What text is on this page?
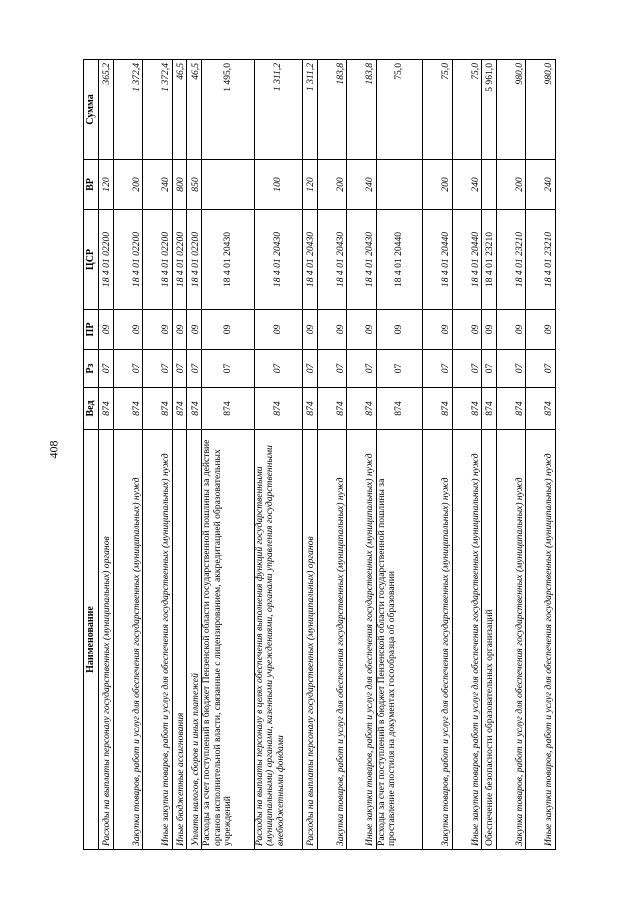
408
Наименование	Вед	Рз	ПР	ЦСР	ВР	Сумма
Расходы на выплаты персоналу государственных (муниципальных) органов	874	07	09	18 4 01 02200	120	365,2
Закупка товаров, работ и услуг для обеспечения государственных (муниципальных) нужд	874	07	09	18 4 01 02200	200	1 372,4
Иные закупки товаров, работ и услуг для обеспечения государственных (муниципальных) нужд	874	07	09	18 4 01 02200	240	1 372,4
Иные бюджетные ассигнования	874	07	09	18 4 01 02200	800	46,5
Уплата налогов, сборов и иных платежей	874	07	09	18 4 01 02200	850	46,5
Расходы за счет поступлений в бюджет Пензенской области государственной пошлины за действие органов исполнительной власти, связанные с лицензированием, аккредитацией образовательных учреждений	874	07	09	18 4 01 20430		1 495,0
Расходы на выплаты персоналу в целях обеспечения выполнения функций государственными (муниципальными) органами, казенными учреждениями, органами управления государственными внебюджетными фондами	874	07	09	18 4 01 20430	100	1 311,2
Расходы на выплаты персоналу государственных (муниципальных) органов	874	07	09	18 4 01 20430	120	1 311,2
Закупка товаров, работ и услуг для обеспечения государственных (муниципальных) нужд	874	07	09	18 4 01 20430	200	183,8
Иные закупки товаров, работ и услуг для обеспечения государственных (муниципальных) нужд	874	07	09	18 4 01 20430	240	183,8
Расходы за счет поступлений в бюджет Пензенской области государственной пошлины за проставление апостиля на документах госообразца об образовании	874	07	09	18 4 01 20440		75,0
Закупка товаров, работ и услуг для обеспечения государственных (муниципальных) нужд	874	07	09	18 4 01 20440	200	75,0
Иные закупки товаров, работ и услуг для обеспечения государственных (муниципальных) нужд	874	07	09	18 4 01 20440	240	75,0
Обеспечение безопасности образовательных организаций	874	07	09	18 4 01 23210		5 961,0
Закупка товаров, работ и услуг для обеспечения государственных (муниципальных) нужд	874	07	09	18 4 01 23210	200	980,0
Иные закупки товаров, работ и услуг для обеспечения государственных (муниципальных) нужд	874	07	09	18 4 01 23210	240	980,0
